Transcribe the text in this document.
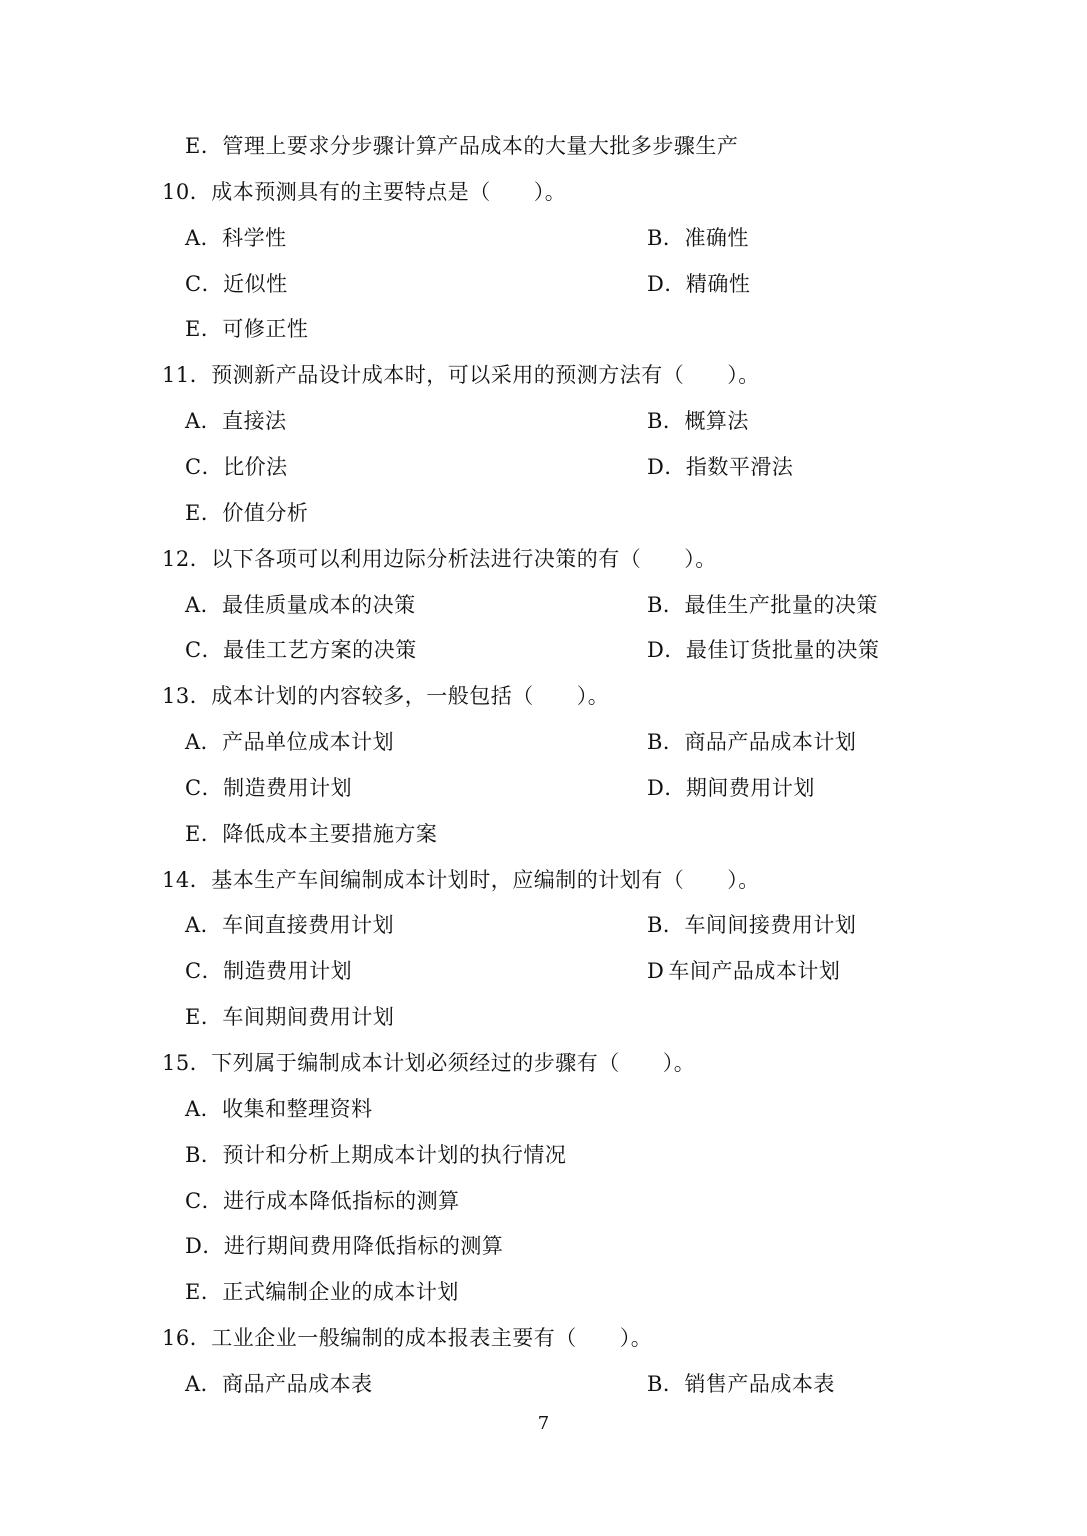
E．管理上要求分步骤计算产品成本的大量大批多步骤生产
10．成本预测具有的主要特点是（　　）。
A．科学性	B．准确性
C．近似性	D．精确性
E．可修正性
11．预测新产品设计成本时，可以采用的预测方法有（　　）。
A．直接法	B．概算法
C．比价法	D．指数平滑法
E．价值分析
12．以下各项可以利用边际分析法进行决策的有（　　）。
A．最佳质量成本的决策	B．最佳生产批量的决策
C．最佳工艺方案的决策	D．最佳订货批量的决策
13．成本计划的内容较多，一般包括（　　）。
A．产品单位成本计划	B．商品产品成本计划
C．制造费用计划	D．期间费用计划
E．降低成本主要措施方案
14．基本生产车间编制成本计划时，应编制的计划有（　　）。
A．车间直接费用计划	B．车间间接费用计划
C．制造费用计划	D 车间产品成本计划
E．车间期间费用计划
15．下列属于编制成本计划必须经过的步骤有（　　）。
A．收集和整理资料
B．预计和分析上期成本计划的执行情况
C．进行成本降低指标的测算
D．进行期间费用降低指标的测算
E．正式编制企业的成本计划
16．工业企业一般编制的成本报表主要有（　　）。
A．商品产品成本表	B．销售产品成本表
7
